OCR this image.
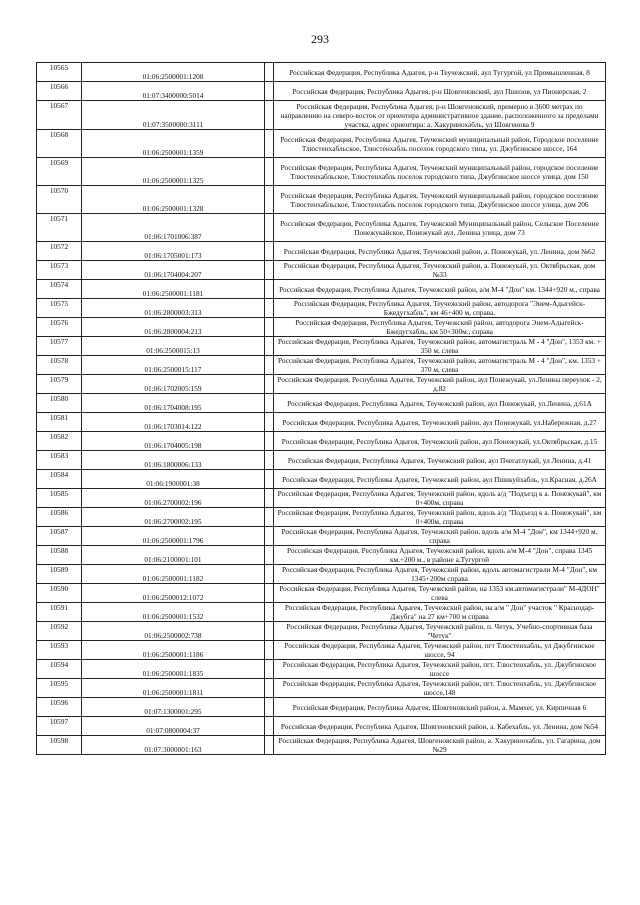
293
10565	01:06:2500001:1208		Российская Федерация, Республика Адыгея, р-н Теучежский, аул Тугургой, ул Промышленная, 8
10566	01:07:3400000:5014		Российская Федерация, Республика Адыгея, р-н Шовгеновский, аул Пшизов, ул Пионерская, 2
10567	01:07:3500000:3111		Российская Федерация, Республика Адыгея, р-н Шовгеновский, примерно в 3600 метрах по направлению на северо-восток от ориентира административное здание, расположенного за пределами участка, адрес ориентира: а. Хакуринохабль, ул Шовгенова 9
10568	01:06:2500001:1359		Российская Федерация, Республика Адыгея, Теучежский муниципальный район, Городское поселение Тлюстенхабльское, Тлюстенхабль поселок городского типа, ул. Джубгинское шоссе, 164
10569	01:06:2500001:1325		Российская Федерация, Республика Адыгея, Теучежский муниципальный район, городское поселение Тлюстенхабльское, Тлюстенхабль поселок городского типа, Джубгинское шоссе улица, дом 150
10570	01:06:2500001:1328		Российская Федерация, Республика Адыгея, Теучежский муниципальный район, городское поселение Тлюстенхабльское, Тлюстенхабль поселок городского типа, Джубгинское шоссе улица, дом 206
10571	01:06:1701006:387		Российская Федерация, Республика Адыгея, Теучежский Муниципальный район, Сельское Поселение Понежукайское, Понежукай аул, Ленина улица, дом 73
10572	01:06:1705001:173		Российская Федерация, Республика Адыгея, Теучежский район, а. Понежукай, ул. Ленина, дом №62
10573	01:06:1704004:207		Российская Федерация, Республика Адыгея, Теучежский район, а. Понежукай, ул. Октябрьская, дом №33
10574	01:06:2500001:1181		Российская Федерация, Республика Адыгея, Теучежский район, а/м М-4 "Дон" км. 1344+920 м., справа
10575	01:06:2800003:313		Российская Федерация, Республика Адыгея, Теучежский район, автодорога "Энем-Адыгейск-Бжедугхабль", км 46+400 м, справа.
10576	01:06:2800004:213		Российская Федерация, Республика Адыгея, Теучежский район, автодорога Энем-Адыгейск-Бжедугхабль, км 50+300м., справа
10577	01:06:2500015:13		Российская Федерация, Республика Адыгея, Теучежский район, автомагистраль М - 4 "Дон", 1353 км. + 350 м, слева
10578	01:06:2500015:117		Российская Федерация, Республика Адыгея, Теучежский район, автомагистраль М - 4 "Дон", км. 1353 + 370 м, слева
10579	01:06:1702005:159		Российская Федерация, Республика Адыгея, Теучежский район, аул Понежукай, ул.Ленина переулок - 2, д.82
10580	01:06:1704008:195		Российская Федерация, Республика Адыгея, Теучежский район, аул Понежукай, ул.Ленина, д.61А
10581	01:06:1703014:122		Российская Федерация, Республика Адыгея, Теучежский район, аул Понежукай, ул.Набережная, д.27
10582	01:06:1704005:198		Российская Федерация, Республика Адыгея, Теучежский район, аул Понежукай, ул.Октябрьская, д.15
10583	01:06:1800006:133		Российская Федерация, Республика Адыгея, Теучежский район, аул Пчегатлукай, ул Ленина, д.41
10584	01:06:1900001:38		Российская Федерация, Республика Адыгея, Теучежский район, аул Пшикуйхабль, ул.Красная, д.26А
10585	01:06:2700002:196		Российская Федерация, Республика Адыгея, Теучежский район, вдоль а/д "Подъезд к а. Понежукай", км 0+400м, справа
10586	01:06:2700002:195		Российская Федерация, Республика Адыгея, Теучежский район, вдоль а/д "Подъезд к а. Понежукай", км 0+400м, справа
10587	01:06:2500001:1796		Российская Федерация, Республика Адыгея, Теучежский район, вдоль а/м М-4 "Дон", км 1344+920 м, справа
10588	01:06:2100001:101		Российская Федерация, Республика Адыгея, Теучежский район, вдоль а/м М-4 "Дон", справа 1345 км.+200 м., в районе а.Тугургой
10589	01:06:2500001:1182		Российская Федерация, Республика Адыгея, Теучежский район, вдоль автомагистрали М-4 "Дон", км 1345+200м справа
10590	01:06:2500012:1072		Российская Федерация, Республика Адыгея, Теучежский район, на 1353 км.автомагистрали" М-4ДОН" слева
10591	01:06:2500001:1532		Российская Федерация, Республика Адыгея, Теучежский район, на а/м " Дон" участок " Краснодар-Джубга" на 27 км+700 м справа
10592	01:06:2500002:738		Российская Федерация, Республика Адыгея, Теучежский район, п. Четук, Учебно-спортивная база "Четук"
10593	01:06:2500001:1186		Российская Федерация, Республика Адыгея, Теучежский район, пгт Тлюстенхабль, ул Джубгинское шоссе, 94
10594	01:06:2500001:1835		Российская Федерация, Республика Адыгея, Теучежский район, пгт. Тлюстенхабль, ул. Джубгинское шоссе
10595	01:06:2500001:1811		Российская Федерация, Республика Адыгея, Теучежский район, пгт. Тлюстенхабль, ул. Джубгинское шоссе,148
10596	01:07:1300001:295		Российская Федерация, Республика Адыгея, Шовгеновский район, а. Мамхег, ул. Кирпичная 6
10597	01:07:0800004:37		Российская Федерация, Республика Адыгея, Шовгеновский район, а. Кабехабль, ул. Ленина, дом №54
10598	01:07:3000001:163		Российская Федерация, Республика Адыгея, Шовгеновский район, а. Хакуринохабль, ул. Гагарина, дом №29
